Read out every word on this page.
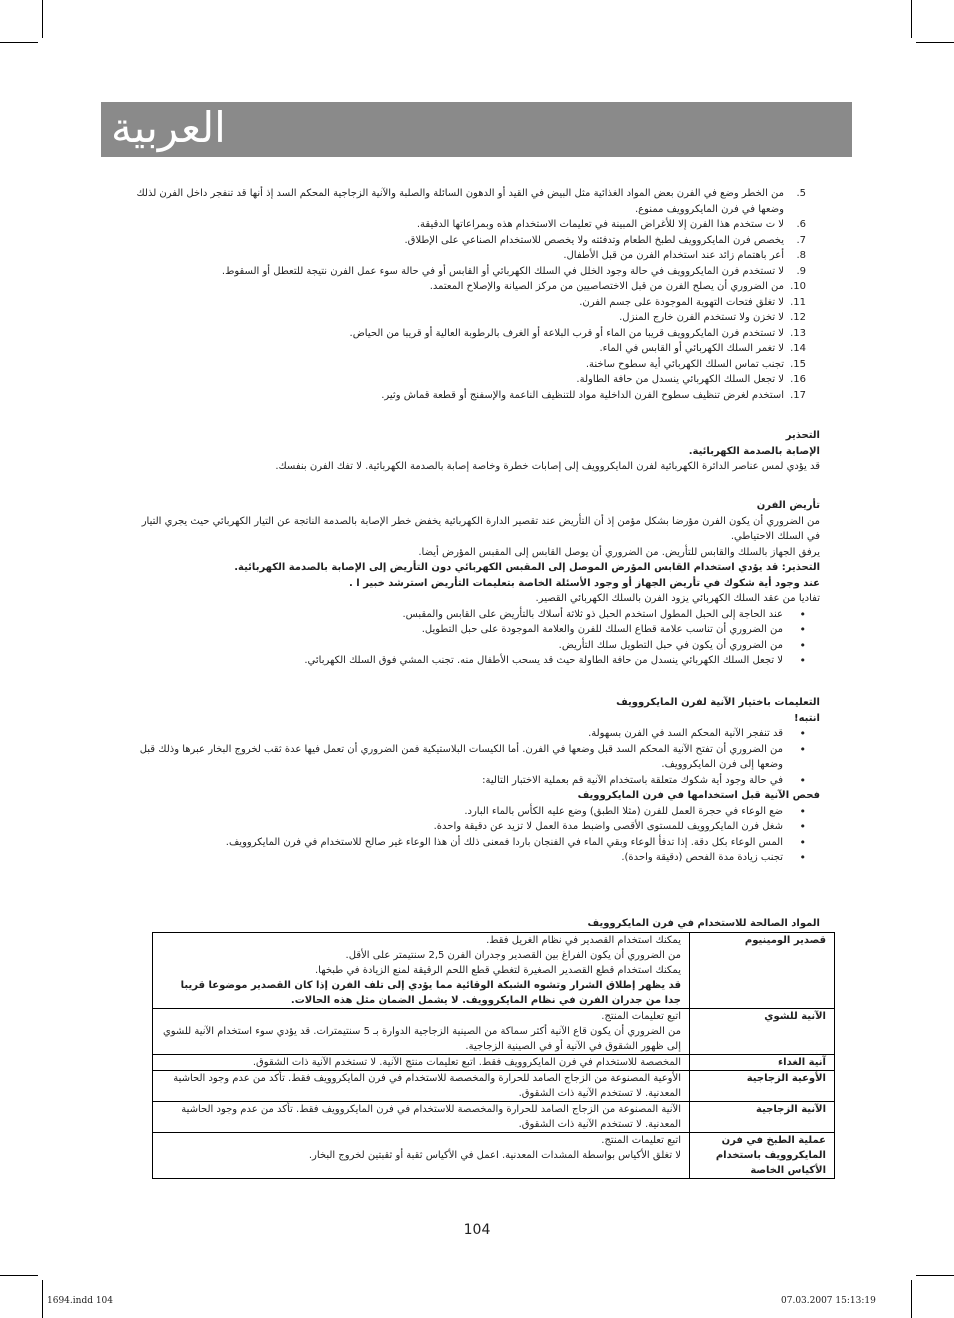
العربية
5.
من الخطر وضع في الفرن بعض المواد الغذائية مثل البيض في القيد أو الدهون السائلة والصلبة والآنية الزجاجية المحكم السد إذ أنها قد تنفجر داخل الفرن لذلك وضعها في فرن المايكروويف ممنوع.
6.
لا ت ستخدم هذا الفرن إلا للأغراض المبينة في تعليمات الاستخدام هذه وبمراعاتها الدقيقة.
7.
يخصص فرن المايكروويف لطبخ الطعام وتدفئته ولا يخصص للاستخدام الصناعي على الإطلاق.
8.
أعر باهتمام زائد عند استخدام الفرن من قبل الأطفال.
9.
لا تستخدم فرن المايكروويف في حالة وجود الخلل في السلك الكهربائي أو القابس أو في حالة سوء عمل الفرن نتيجة للتعطل أو السقوط.
10.
من الضروري أن يصلح الفرن من قبل الاختصاصيين من مركز الصيانة والإصلاح المعتمد.
11.
لا تغلق فتحات التهوية الموجودة على جسم الفرن.
12.
لا تخزن ولا تستخدم الفرن خارج المنزل.
13.
لا تستخدم فرن المايكروويف قريبا من الماء أو قرب البلاعة أو الغرف بالرطوبة العالية أو قريبا من الحياض.
14.
لا تغمر السلك الكهربائي أو القابس في الماء.
15.
تجنب تماس السلك الكهربائي أية سطوح ساخنة.
16.
لا تجعل السلك الكهربائي ينسدل من حافة الطاولة.
17.
استخدم لغرض تنظيف سطوح الفرن الداخلية مواد للتنظيف الناعمة والإسفنج أو قطعة قماش وثير.

التحذير

الإصابة بالصدمة الكهربائية.

قد يؤدي لمس عناصر الدائرة الكهربائية لفرن المايكروويف إلى إصابات خطرة وخاصة إصابة بالصدمة الكهربائية. لا تفك الفرن بنفسك.

تأريض الفرن

من الضروري أن يكون الفرن مؤرضا بشكل مؤمن إذ أن التأريض عند تقصير الدارة الكهربائية يخفض خطر الإصابة بالصدمة الناتجة عن التيار الكهربائي حيث يجري التيار في السلك الاحتياطي.

يرفق الجهاز بالسلك والقابس للتأريض. من الضروري أن يوصل القابس إلى المقبس المؤرض أيضا.

التحذير: قد يؤدي استخدام القابس المؤرض الموصل إلى المقبس الكهربائي دون التأريض إلى الإصابة بالصدمة الكهربائية.

عند وجود أية شكوك في تأريض الجهاز أو وجود الأسئلة الخاصة بتعليمات التأريض استرشد خبير ا .

تفاديا من عقد السلك الكهربائي يزود الفرن بالسلك الكهربائي القصير.

• عند الحاجة إلى الحبل المطول استخدم الحبل ذو ثلاثة أسلاك بالتأريض على القابس والمقبس.
• من الضروري أن تناسب علامة قطاع السلك للفرن والعلامة الموجودة على حبل التطويل.
• من الضروري أن يكون في حبل التطويل سلك التأريض.
• لا تجعل السلك الكهربائي ينسدل من حافة الطاولة حيث قد يسحب الأطفال منه. تجنب المشي فوق السلك الكهربائي.

التعليمات باختيار الآنية لفرن المايكروويف

انتبه!

• قد تنفجر الآنية المحكم السد في الفرن بسهولة.
• من الضروري أن تفتح الآنية المحكم السد قبل وضعها في الفرن. أما الكيسات البلاستيكية فمن الضروري أن تعمل فيها عدة ثقب لخروج البخار عبرها وذلك قبل وضعها إلى فرن المايكروويف.
• في حالة وجود أية شكوك متعلقة باستخدام الآنية قم بعملية الاختبار التالية:

فحص الآنية قبل استخدامها في فرن المايكروويف

• ضع الوعاء في حجرة العمل للفرن (مثلا الطبق) وضع عليه الكأس بالماء البارد.
• شغل فرن المايكروويف للمستوى الأقصى واضبط مدة العمل لا تزيد عن دقيقة واحدة.
• المس الوعاء بكل دقة. إذا تدفأ الوعاء وبقي الماء في الفنجان باردا فمعنى ذلك أن هذا الوعاء غير صالح للاستخدام في فرن المايكروويف.
• تجنب زيادة مدة الفحص (دقيقة واحدة).

المواد الصالحة للاستخدام في فرن المايكروويف

قصدير الومينيوم	يمكنك استخدام القصدير في نظام الغريل فقط.
من الضروري أن يكون الفراغ بين القصدير وجدران الفرن 2,5 سنتيمتر على الأقل.
يمكنك استخدام قطع القصدير الصغيرة لتغطي قطع اللحم الرقيقة لمنع الزيادة في طبخها.
قد يظهر إطلاق الشرار وتشوه الشبكة الوقائية مما يؤدي إلى تلف الفرن إذا كان القصدير موضوعا قريبا جدا من جدران الفرن في نظام المايكروويف. لا يشمل الضمان مثل هذه الحالات.

الآنية للشوي	اتبع تعليمات المنتج.
من الضروري أن يكون قاع الآنية أكثر سماكة من الصينية الزجاجية الدوارة بـ 5 سنتيمترات. قد يؤدي سوء استخدام الآنية للشوي إلى ظهور الشقوق في الآنية أو في الصينية الزجاجية.

آنية الغداء	المخصصة للاستخدام في فرن المايكروويف فقط. اتبع تعليمات منتج الآنية. لا تستخدم الآنية ذات الشقوق.

الأوعية الزجاجية	الأوعية المصنوعة من الزجاج الصامد للحرارة والمخصصة للاستخدام في فرن المايكروويف فقط. تأكد من عدم وجود الحاشية المعدنية. لا تستخدم الآنية ذات الشقوق.

الآنية الزجاجية	الآنية المصنوعة من الزجاج الصامد للحرارة والمخصصة للاستخدام في فرن المايكروويف فقط. تأكد من عدم وجود الحاشية المعدنية. لا تستخدم الآنية ذات الشقوق.

عملية الطبخ في فرن المايكروويف باستخدام الأكياس الخاصة	اتبع تعليمات المنتج.
لا تغلق الأكياس بواسطة المشدات المعدنية. اعمل في الأكياس ثقبة أو ثقبتين لخروج البخار.
104
1694.indd 104	07.03.2007 15:13:19
